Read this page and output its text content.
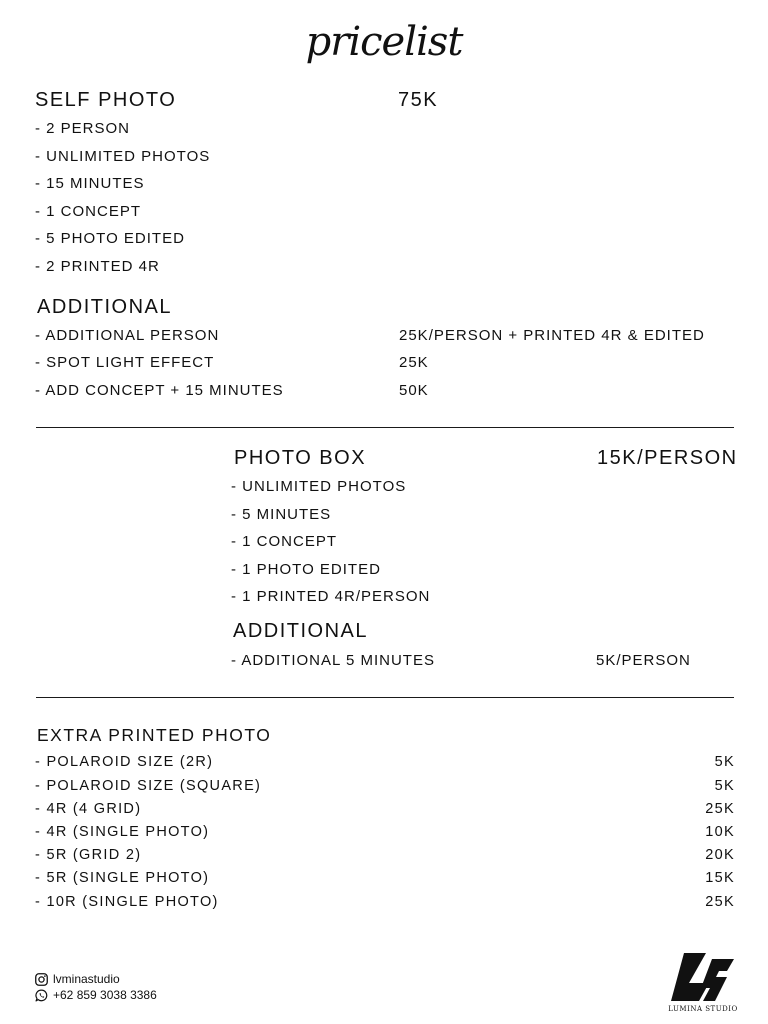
pricelist
SELF PHOTO	75K
- 2 PERSON
- UNLIMITED PHOTOS
- 15 MINUTES
- 1 CONCEPT
- 5 PHOTO EDITED
- 2 PRINTED 4R
ADDITIONAL
- ADDITIONAL PERSON	25K/PERSON + PRINTED 4R & EDITED
- SPOT LIGHT EFFECT	25K
- ADD CONCEPT + 15 MINUTES	50K
PHOTO BOX	15K/PERSON
- UNLIMITED PHOTOS
- 5 MINUTES
- 1 CONCEPT
- 1 PHOTO EDITED
- 1 PRINTED 4R/PERSON
ADDITIONAL
- ADDITIONAL 5 MINUTES	5K/PERSON
EXTRA PRINTED PHOTO
- POLAROID SIZE (2R)	5K
- POLAROID SIZE (SQUARE)	5K
- 4R (4 GRID)	25K
- 4R (SINGLE PHOTO)	10K
- 5R (GRID 2)	20K
- 5R (SINGLE PHOTO)	15K
- 10R (SINGLE PHOTO)	25K
lvminastudio
+62 859 3038 3386
LUMINA STUDIO
